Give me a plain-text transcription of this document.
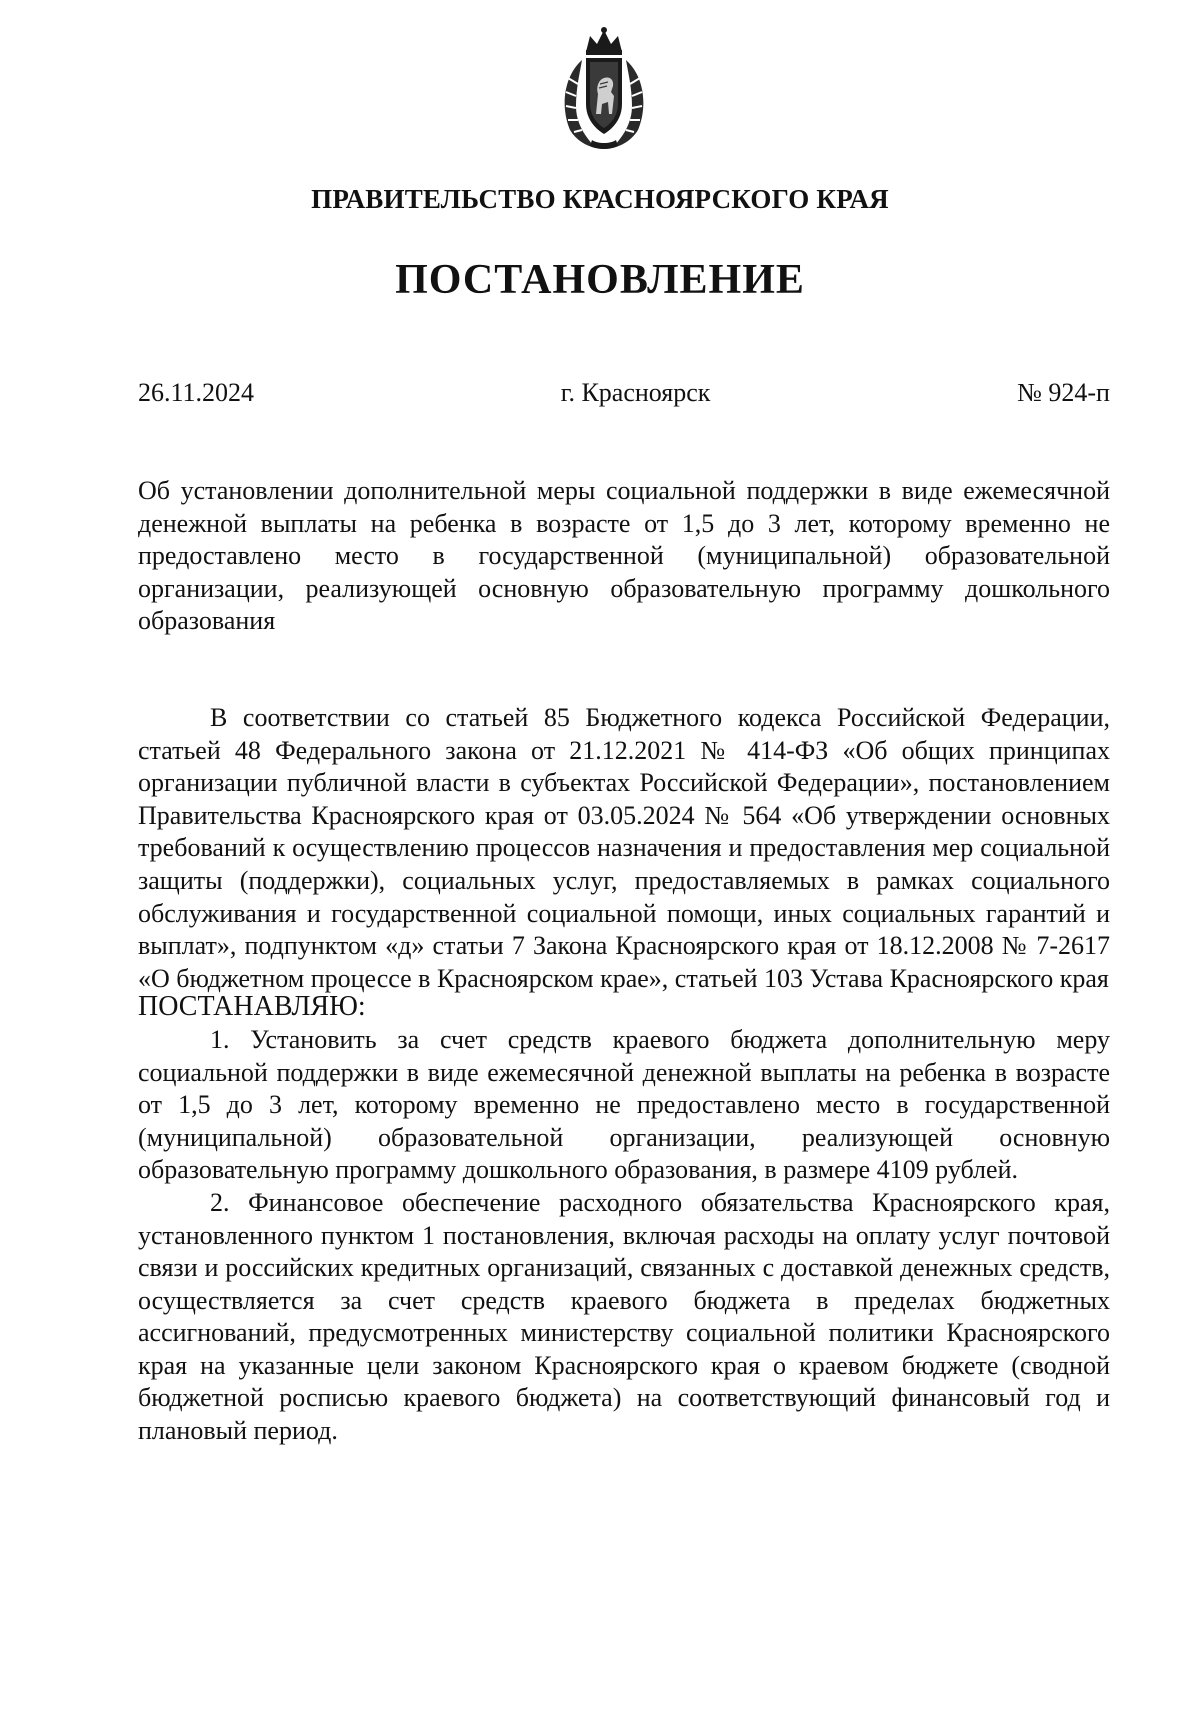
ПРАВИТЕЛЬСТВО КРАСНОЯРСКОГО КРАЯ
ПОСТАНОВЛЕНИЕ
26.11.2024	г. Красноярск	№ 924-п
Об установлении дополнительной меры социальной поддержки в виде ежемесячной денежной выплаты на ребенка в возрасте от 1,5 до 3 лет, которому временно не предоставлено место в государственной (муниципальной) образовательной организации, реализующей основную образовательную программу дошкольного образования

В соответствии со статьей 85 Бюджетного кодекса Российской Федерации, статьей 48 Федерального закона от 21.12.2021 № 414-ФЗ «Об общих принципах организации публичной власти в субъектах Российской Федерации», постановлением Правительства Красноярского края от 03.05.2024 № 564 «Об утверждении основных требований к осуществлению процессов назначения и предоставления мер социальной защиты (поддержки), социальных услуг, предоставляемых в рамках социального обслуживания и государственной социальной помощи, иных социальных гарантий и выплат», подпунктом «д» статьи 7 Закона Красноярского края от 18.12.2008 № 7-2617 «О бюджетном процессе в Красноярском крае», статьей 103 Устава Красноярского края

ПОСТАНАВЛЯЮ:

1. Установить за счет средств краевого бюджета дополнительную меру социальной поддержки в виде ежемесячной денежной выплаты на ребенка в возрасте от 1,5 до 3 лет, которому временно не предоставлено место в государственной (муниципальной) образовательной организации, реализующей основную образовательную программу дошкольного образования, в размере 4109 рублей.

2. Финансовое обеспечение расходного обязательства Красноярского края, установленного пунктом 1 постановления, включая расходы на оплату услуг почтовой связи и российских кредитных организаций, связанных с доставкой денежных средств, осуществляется за счет средств краевого бюджета в пределах бюджетных ассигнований, предусмотренных министерству социальной политики Красноярского края на указанные цели законом Красноярского края о краевом бюджете (сводной бюджетной росписью краевого бюджета) на соответствующий финансовый год и плановый период.
